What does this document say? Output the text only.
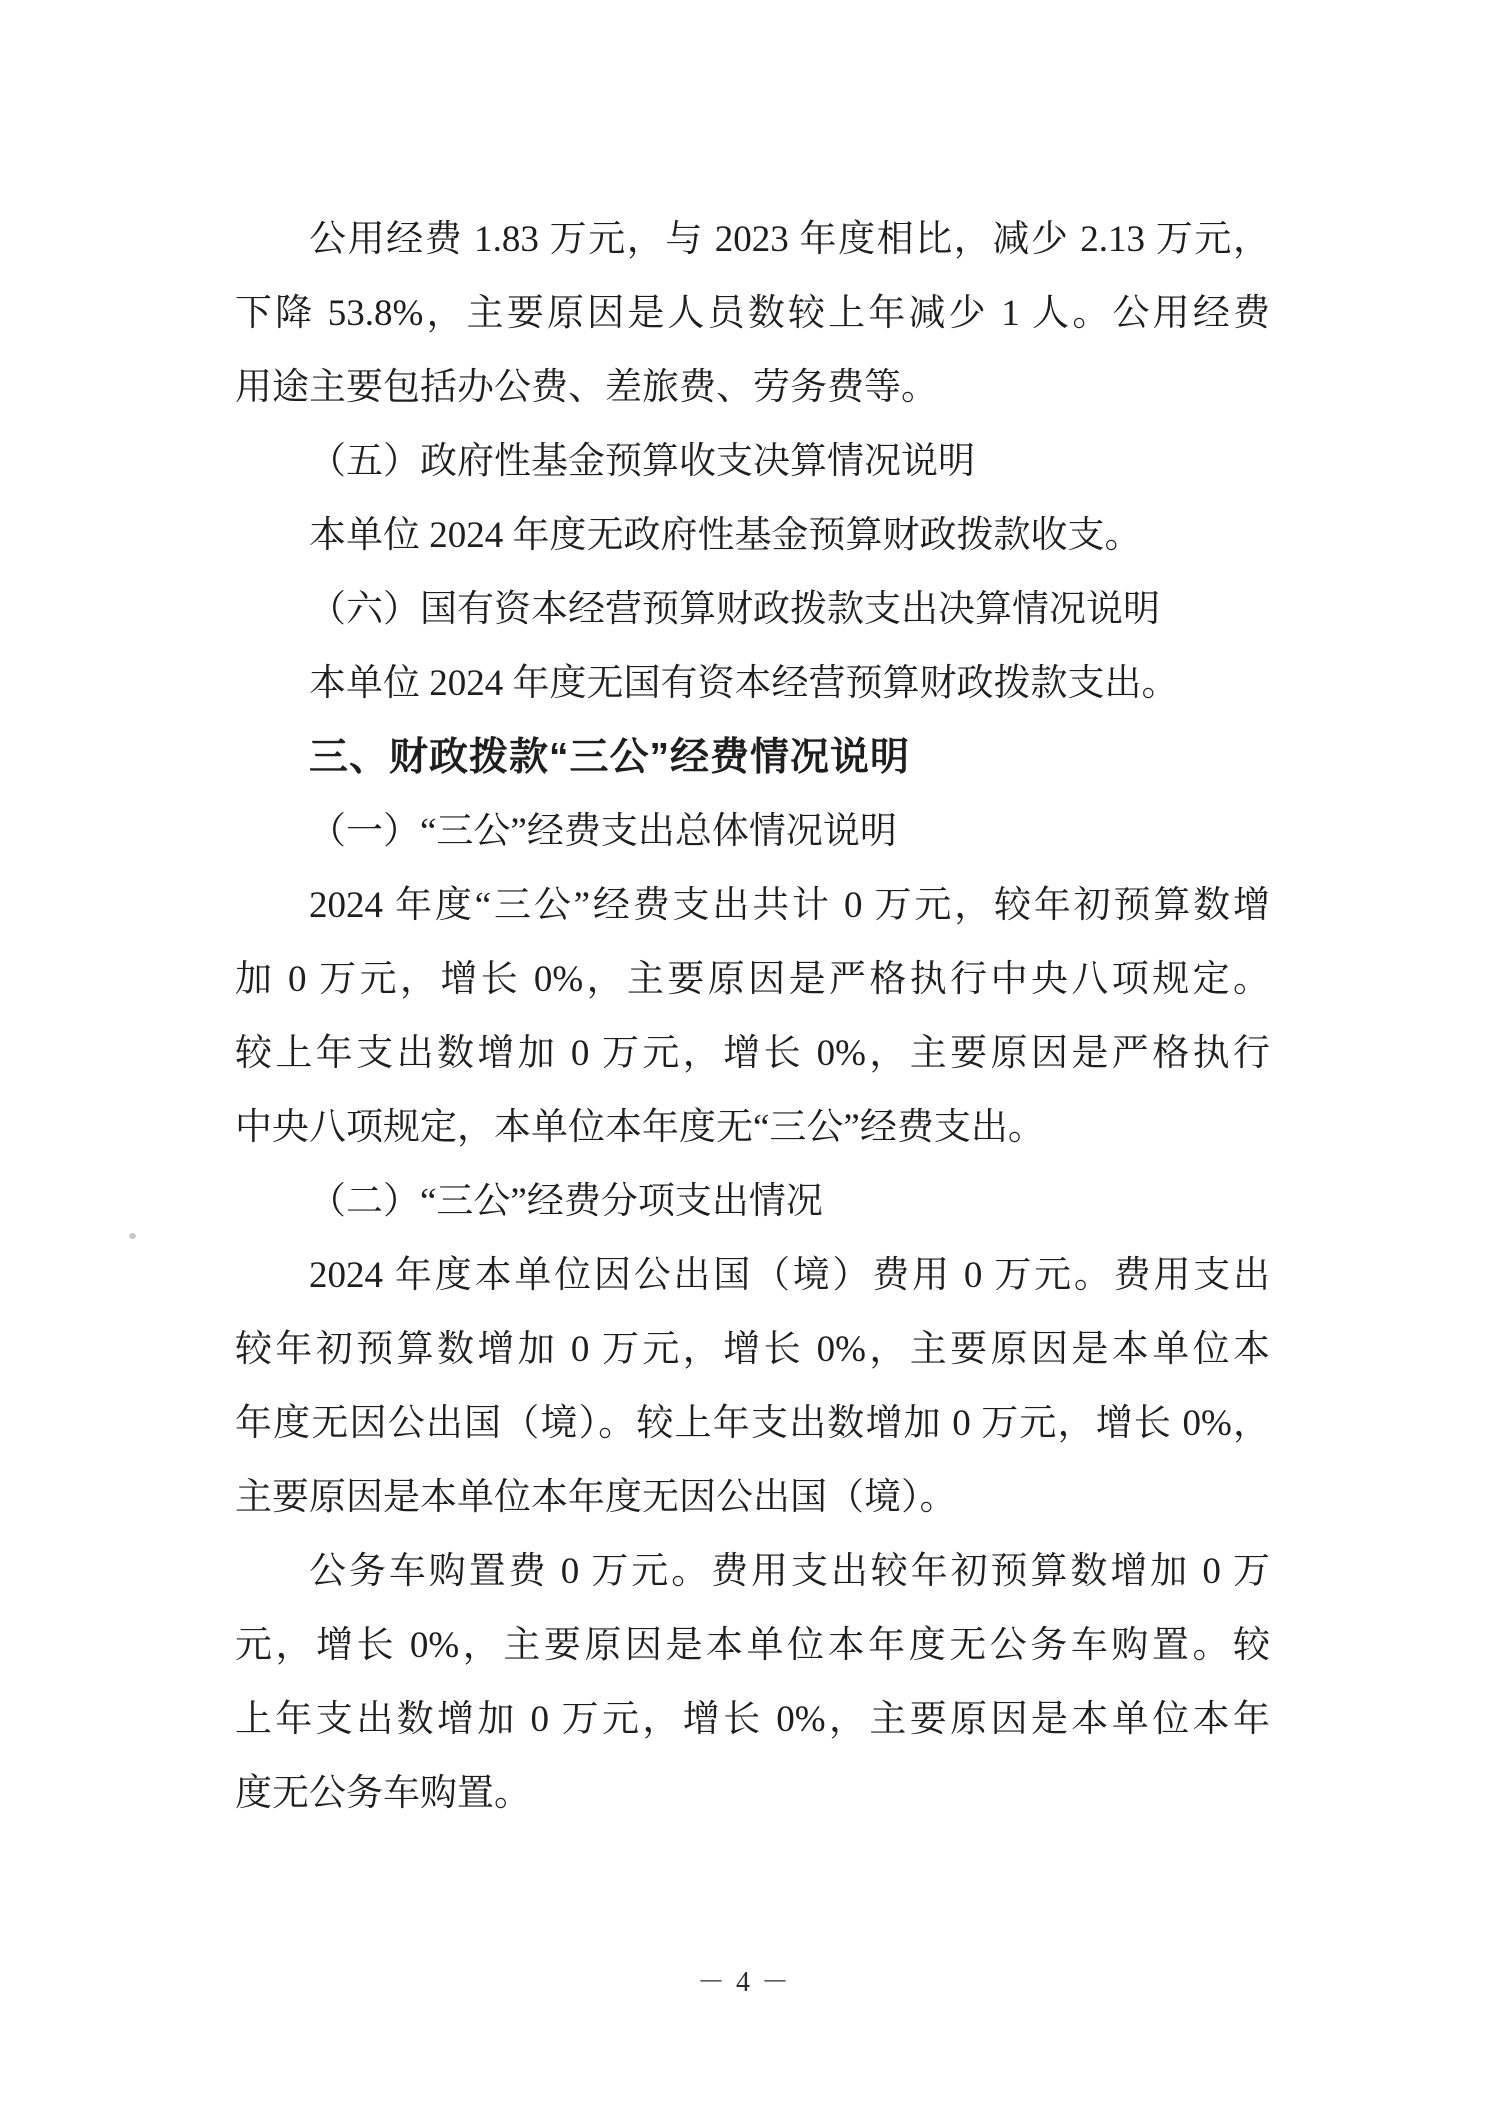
公用经费 1.83 万元，与 2023 年度相比，减少 2.13 万元，
下降 53.8%，主要原因是人员数较上年减少 1 人。公用经费
用途主要包括办公费、差旅费、劳务费等。
（五）政府性基金预算收支决算情况说明
本单位 2024 年度无政府性基金预算财政拨款收支。
（六）国有资本经营预算财政拨款支出决算情况说明
本单位 2024 年度无国有资本经营预算财政拨款支出。
三、财政拨款“三公”经费情况说明
（一）“三公”经费支出总体情况说明
2024 年度“三公”经费支出共计 0 万元，较年初预算数增
加 0 万元，增长 0%，主要原因是严格执行中央八项规定。
较上年支出数增加 0 万元，增长 0%，主要原因是严格执行
中央八项规定，本单位本年度无“三公”经费支出。
（二）“三公”经费分项支出情况
2024 年度本单位因公出国（境）费用 0 万元。费用支出
较年初预算数增加 0 万元，增长 0%，主要原因是本单位本
年度无因公出国（境）。较上年支出数增加 0 万元，增长 0%，
主要原因是本单位本年度无因公出国（境）。
公务车购置费 0 万元。费用支出较年初预算数增加 0 万
元，增长 0%，主要原因是本单位本年度无公务车购置。较
上年支出数增加 0 万元，增长 0%，主要原因是本单位本年
度无公务车购置。
－ 4 －
